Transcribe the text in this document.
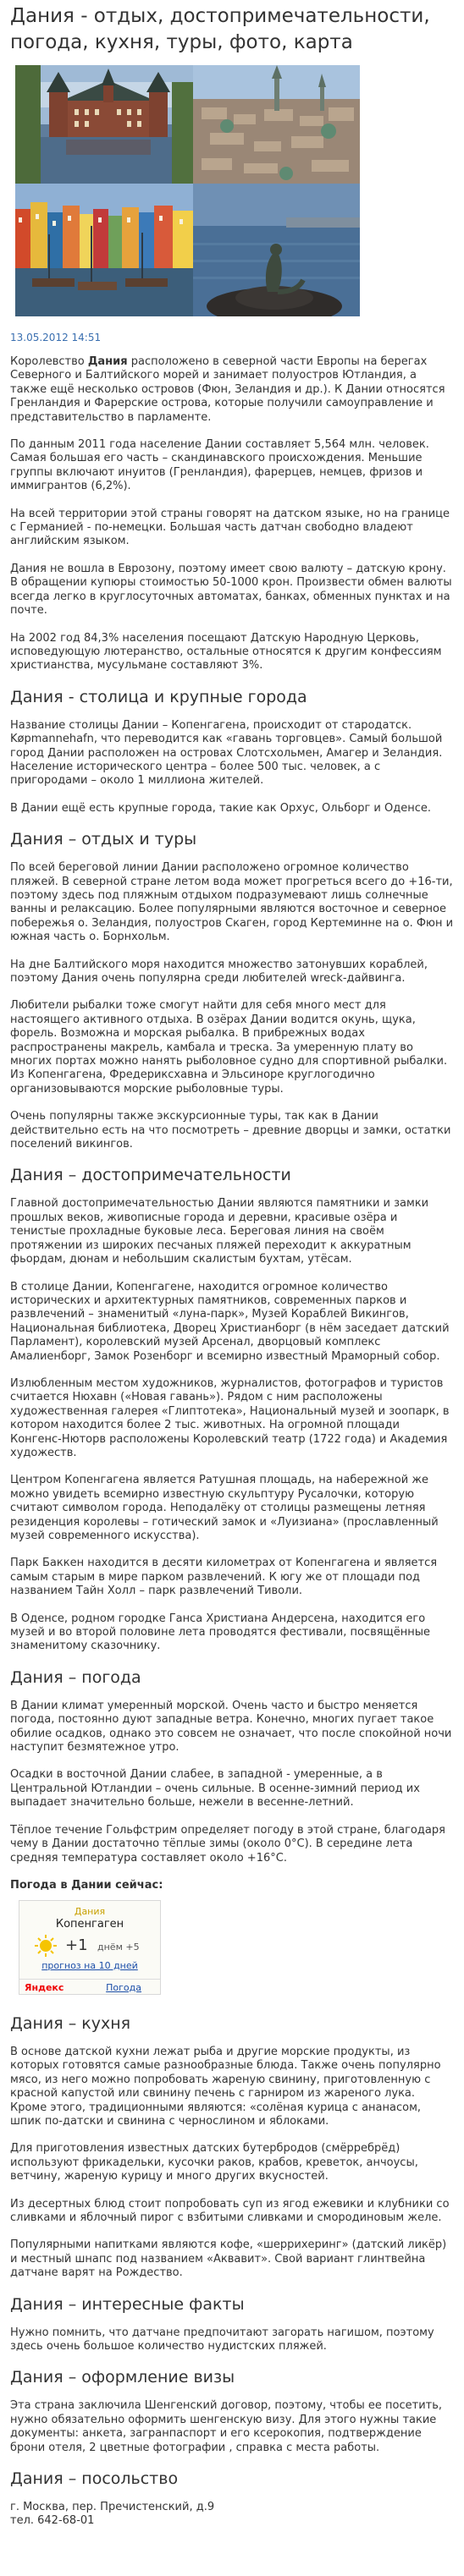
Дания - отдых, достопримечательности, погода, кухня, туры, фото, карта
13.05.2012 14:51

Королевство Дания расположено в северной части Европы на берегах Северного и Балтийского морей и занимает полуостров Ютландия, а также ещё несколько островов (Фюн, Зеландия и др.). К Дании относятся Гренландия и Фарерские острова, которые получили самоуправление и представительство в парламенте.

По данным 2011 года население Дании составляет 5,564 млн. человек. Самая большая его часть – скандинавского происхождения. Меньшие группы включают инуитов (Гренландия), фарерцев, немцев, фризов и иммигрантов (6,2%).

На всей территории этой страны говорят на датском языке, но на границе с Германией - по-немецки. Большая часть датчан свободно владеют английским языком.

Дания не вошла в Еврозону, поэтому имеет свою валюту – датскую крону. В обращении купюры стоимостью 50-1000 крон. Произвести обмен валюты всегда легко в круглосуточных автоматах, банках, обменных пунктах и на почте.

На 2002 год 84,3% населения посещают Датскую Народную Церковь, исповедующую лютеранство, остальные относятся к другим конфессиям христианства, мусульмане составляют 3%.

Дания - столица и крупные города

Название столицы Дании – Копенгагена, происходит от стародатск. Køpmannehafn, что переводится как «гавань торговцев». Самый большой город Дании расположен на островах Слотсхольмен, Амагер и Зеландия. Население исторического центра – более 500 тыс. человек, а с пригородами – около 1 миллиона жителей.

В Дании ещё есть крупные города, такие как Орхус, Ольборг и Оденсе.

Дания – отдых и туры

По всей береговой линии Дании расположено огромное количество пляжей. В северной стране летом вода может прогреться всего до +16-ти, поэтому здесь под пляжным отдыхом подразумевают лишь солнечные ванны и релаксацию. Более популярными являются восточное и северное побережья о. Зеландия, полуостров Скаген, город Кертеминне на о. Фюн и южная часть о. Борнхольм.

На дне Балтийского моря находится множество затонувших кораблей, поэтому Дания очень популярна среди любителей wreck-дайвинга.

Любители рыбалки тоже смогут найти для себя много мест для настоящего активного отдыха. В озёрах Дании водится окунь, щука, форель. Возможна и морская рыбалка. В прибрежных водах распространены макрель, камбала и треска. За умеренную плату во многих портах можно нанять рыболовное судно для спортивной рыбалки. Из Копенгагена, Фредериксхавна и Эльсиноре круглогодично организовываются морские рыболовные туры.

Очень популярны также экскурсионные туры, так как в Дании действительно есть на что посмотреть – древние дворцы и замки, остатки поселений викингов.

Дания – достопримечательности

Главной достопримечательностью Дании являются памятники и замки прошлых веков, живописные города и деревни, красивые озёра и тенистые прохладные буковые леса. Береговая линия на своём протяжении из широких песчаных пляжей переходит к аккуратным фьордам, дюнам и небольшим скалистым бухтам, утёсам.

В столице Дании, Копенгагене, находится огромное количество исторических и архитектурных памятников, современных парков и развлечений – знаменитый «луна-парк», Музей Кораблей Викингов, Национальная библиотека, Дворец Христианборг (в нём заседает датский Парламент), королевский музей Арсенал, дворцовый комплекс Амалиенборг, Замок Розенборг и всемирно известный Мраморный собор.

Излюбленным местом художников, журналистов, фотографов и туристов считается Нюхавн («Новая гавань»). Рядом с ним расположены художественная галерея «Глиптотека», Национальный музей и зоопарк, в котором находится более 2 тыс. животных. На огромной площади Конгенс-Нюторв расположены Королевский театр (1722 года) и Академия художеств.

Центром Копенгагена является Ратушная площадь, на набережной же можно увидеть всемирно известную скульптуру Русалочки, которую считают символом города. Неподалёку от столицы размещены летняя резиденция королевы – готический замок и «Луизиана» (прославленный музей современного искусства).

Парк Баккен находится в десяти километрах от Копенгагена и является самым старым в мире парком развлечений. К югу же от площади под названием Тайн Холл – парк развлечений Тиволи.

В Оденсе, родном городке Ганса Христиана Андерсена, находится его музей и во второй половине лета проводятся фестивали, посвящённые знаменитому сказочнику.

Дания – погода

В Дании климат умеренный морской. Очень часто и быстро меняется погода, постоянно дуют западные ветра. Конечно, многих пугает такое обилие осадков, однако это совсем не означает, что после спокойной ночи наступит безмятежное утро.

Осадки в восточной Дании слабее, в западной - умеренные, а в Центральной Ютландии – очень сильные. В осенне-зимний период их выпадает значительно больше, нежели в весенне-летний.

Тёплое течение Гольфстрим определяет погоду в этой стране, благодаря чему в Дании достаточно тёплые зимы (около 0°C). В середине лета средняя температура составляет около +16°C.

Погода в Дании сейчас:
Дания
Копенгаген
+1 днём +5
прогноз на 10 дней
Яндекс	Погода
Дания – кухня

В основе датской кухни лежат рыба и другие морские продукты, из которых готовятся самые разнообразные блюда. Также очень популярно мясо, из него можно попробовать жареную свинину, приготовленную с красной капустой или свинину печень с гарниром из жареного лука. Кроме этого, традиционными являются: «солёная курица с ананасом, шпик по-датски и свинина с чернослином и яблоками.

Для приготовления известных датских бутербродов (смёрребрёд) используют фрикадельки, кусочки раков, крабов, креветок, анчоусы, ветчину, жареную курицу и много других вкусностей.

Из десертных блюд стоит попробовать суп из ягод ежевики и клубники со сливками и яблочный пирог с взбитыми сливками и смородиновым желе.

Популярными напитками являются кофе, «шеррихеринг» (датский ликёр) и местный шнапс под названием «Аквавит». Свой вариант глинтвейна датчане варят на Рождество.

Дания – интересные факты

Нужно помнить, что датчане предпочитают загорать нагишом, поэтому здесь очень большое количество нудистских пляжей.

Дания – оформление визы

Эта страна заключила Шенгенский договор, поэтому, чтобы ее посетить, нужно обязательно оформить шенгенскую визу. Для этого нужны такие документы: анкета, загранпаспорт и его ксерокопия, подтверждение брони отеля, 2 цветные фотографии , справка с места работы.

Дания – посольство

г. Москва, пер. Пречистенский, д.9

тел. 642-68-01
